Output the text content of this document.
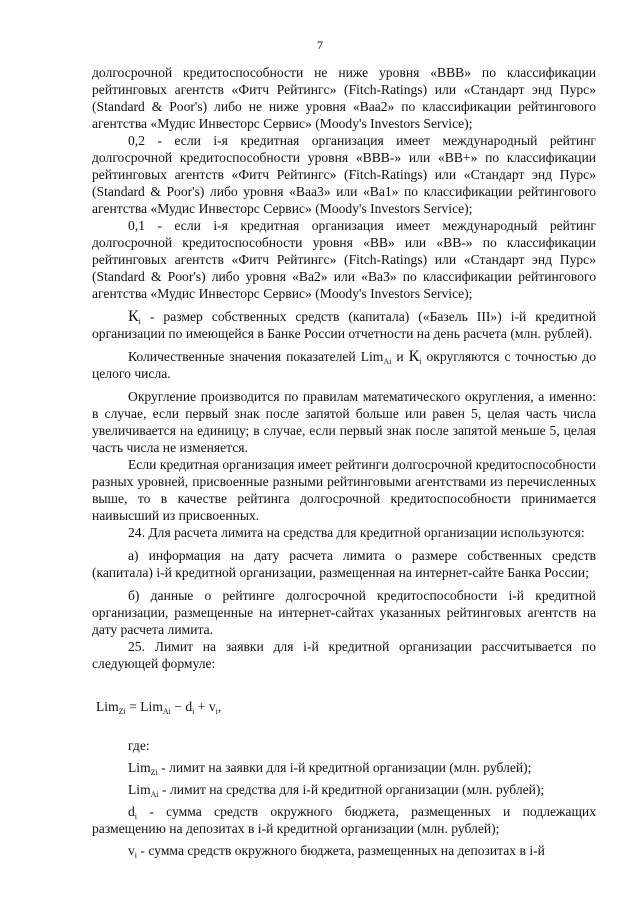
7

долгосрочной кредитоспособности не ниже уровня «BBB» по классификации рейтинговых агентств «Фитч Рейтингс» (Fitch-Ratings) или «Стандарт энд Пурс» (Standard & Poor's) либо не ниже уровня «Baa2» по классификации рейтингового агентства «Мудис Инвесторс Сервис» (Moody's Investors Service);

0,2 - если i-я кредитная организация имеет международный рейтинг долгосрочной кредитоспособности уровня «BBB-» или «BB+» по классификации рейтинговых агентств «Фитч Рейтингс» (Fitch-Ratings) или «Стандарт энд Пурс» (Standard & Poor's) либо уровня «Baa3» или «Ba1» по классификации рейтингового агентства «Мудис Инвесторс Сервис» (Moody's Investors Service);

0,1 - если i-я кредитная организация имеет международный рейтинг долгосрочной кредитоспособности уровня «BB» или «BB-» по классификации рейтинговых агентств «Фитч Рейтингс» (Fitch-Ratings) или «Стандарт энд Пурс» (Standard & Poor's) либо уровня «Ba2» или «Ba3» по классификации рейтингового агентства «Мудис Инвесторс Сервис» (Moody's Investors Service);

$К_i$ - размер собственных средств (капитала) («Базель III») i-й кредитной организации по имеющейся в Банке России отчетности на день расчета (млн. рублей).

Количественные значения показателей Lim$_{Ai}$ и $К_i$ округляются с точностью до целого числа.

Округление производится по правилам математического округления, а именно: в случае, если первый знак после запятой больше или равен 5, целая часть числа увеличивается на единицу; в случае, если первый знак после запятой меньше 5, целая часть числа не изменяется.

Если кредитная организация имеет рейтинги долгосрочной кредитоспособности разных уровней, присвоенные разными рейтинговыми агентствами из перечисленных выше, то в качестве рейтинга долгосрочной кредитоспособности принимается наивысший из присвоенных.

24. Для расчета лимита на средства для кредитной организации используются:

а) информация на дату расчета лимита о размере собственных средств (капитала) i-й кредитной организации, размещенная на интернет-сайте Банка России;

б) данные о рейтинге долгосрочной кредитоспособности i-й кредитной организации, размещенные на интернет-сайтах указанных рейтинговых агентств на дату расчета лимита.

25. Лимит на заявки для i-й кредитной организации рассчитывается по следующей формуле:

$Lim_{Zi} = Lim_{Ai} - d_i + v_i$,

где:

Lim$_{Zi}$ - лимит на заявки для i-й кредитной организации (млн. рублей);

Lim$_{Ai}$ - лимит на средства для i-й кредитной организации (млн. рублей);

$d_i$ - сумма средств окружного бюджета, размещенных и подлежащих размещению на депозитах в i-й кредитной организации (млн. рублей);

$v_i$ - сумма средств окружного бюджета, размещенных на депозитах в i-й
